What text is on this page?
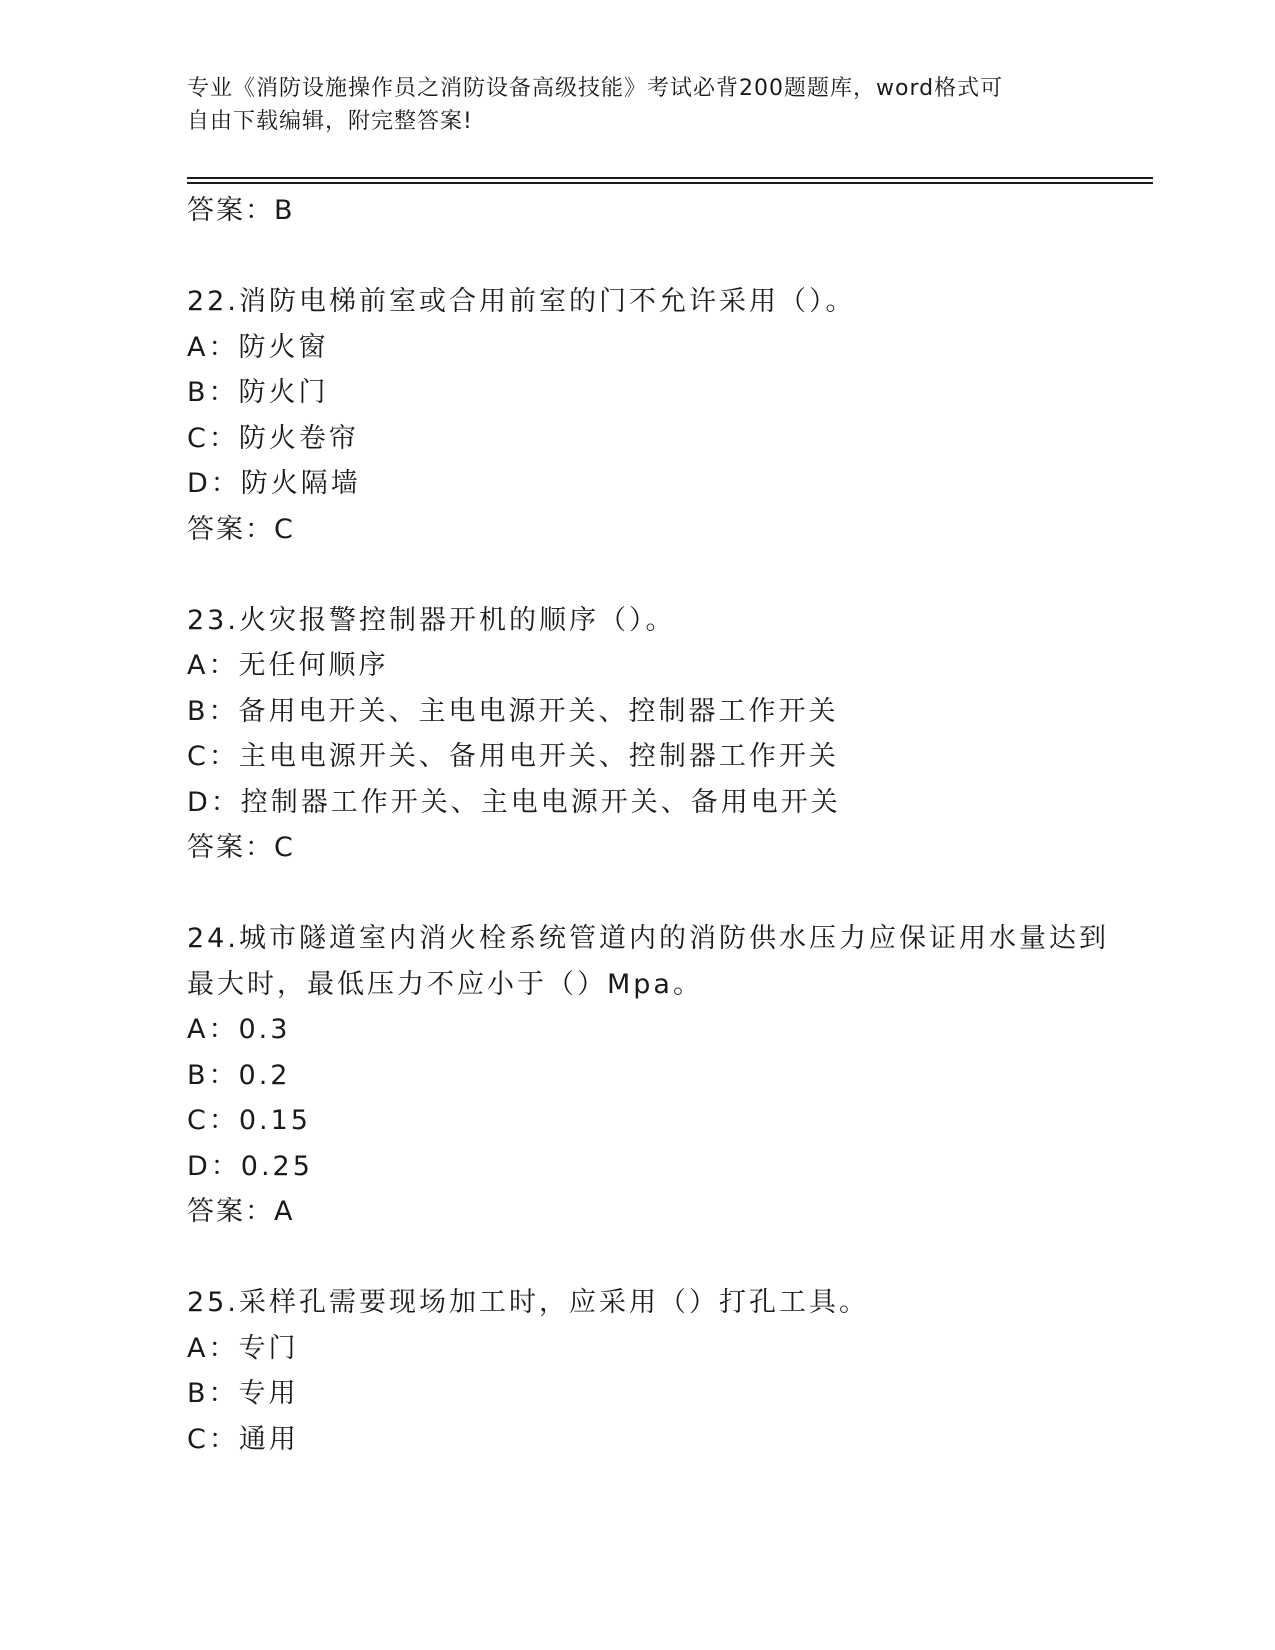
专业《消防设施操作员之消防设备高级技能》考试必背200题题库，word格式可
自由下载编辑，附完整答案!
答案：B
22.消防电梯前室或合用前室的门不允许采用（）。
A：防火窗
B：防火门
C：防火卷帘
D：防火隔墙
答案：C
23.火灾报警控制器开机的顺序（）。
A：无任何顺序
B：备用电开关、主电电源开关、控制器工作开关
C：主电电源开关、备用电开关、控制器工作开关
D：控制器工作开关、主电电源开关、备用电开关
答案：C
24.城市隧道室内消火栓系统管道内的消防供水压力应保证用水量达到
最大时，最低压力不应小于（）Mpa。
A：0.3
B：0.2
C：0.15
D：0.25
答案：A
25.采样孔需要现场加工时，应采用（）打孔工具。
A：专门
B：专用
C：通用
